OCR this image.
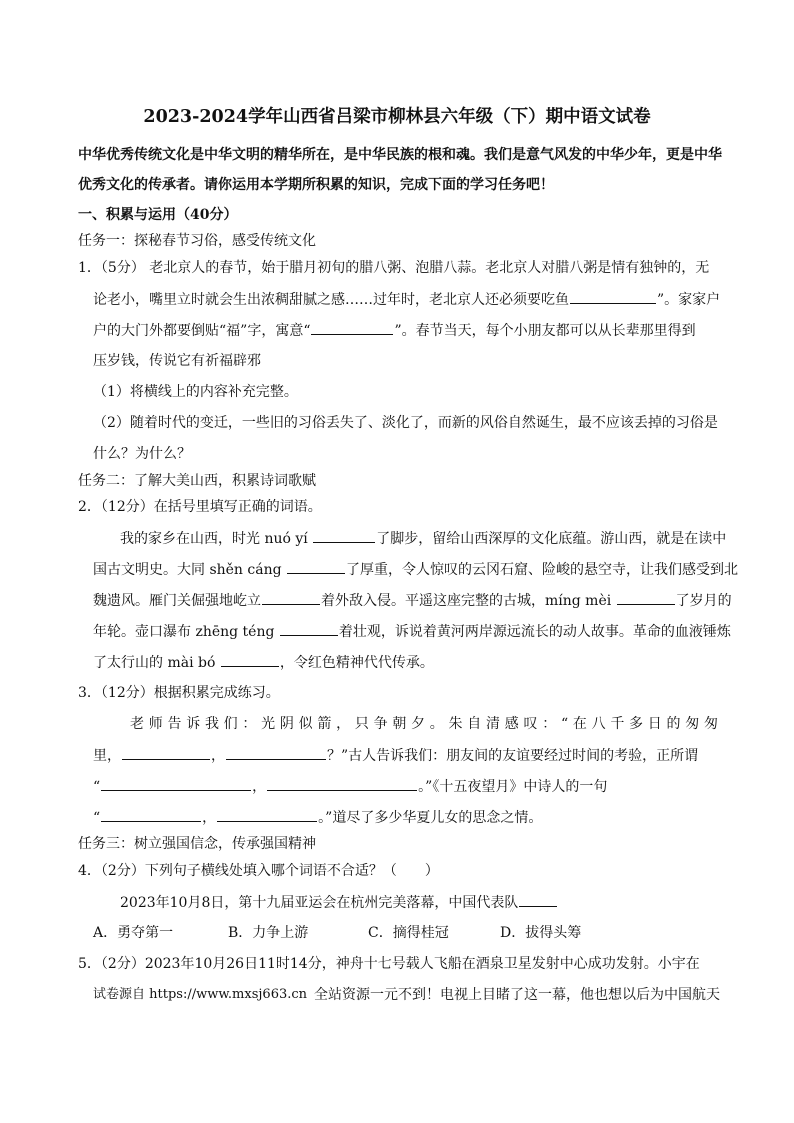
2023-2024学年山西省吕梁市柳林县六年级（下）期中语文试卷
中华优秀传统文化是中华文明的精华所在，是中华民族的根和魂。我们是意气风发的中华少年，更是中华
优秀文化的传承者。请你运用本学期所积累的知识，完成下面的学习任务吧！
一、积累与运用（40分）
任务一：探秘春节习俗，感受传统文化
1．（5分） 老北京人的春节，始于腊月初旬的腊八粥、泡腊八蒜。老北京人对腊八粥是情有独钟的，无
论老小，嘴里立时就会生出浓稠甜腻之感……过年时，老北京人还必须要吃鱼	”。家家户
户的大门外都要倒贴“福”字，寓意“	”。春节当天，每个小朋友都可以从长辈那里得到
压岁钱，传说它有祈福辟邪
（1）将横线上的内容补充完整。
（2）随着时代的变迁，一些旧的习俗丢失了、淡化了，而新的风俗自然诞生，最不应该丢掉的习俗是
什么？为什么？
任务二：了解大美山西，积累诗词歌赋
2．（12分）在括号里填写正确的词语。
我的家乡在山西，时光 nuó yí	了脚步，留给山西深厚的文化底蕴。游山西，就是在读中
国古文明史。大同 shěn cáng	了厚重，令人惊叹的云冈石窟、险峻的悬空寺，让我们感受到北
魏遗风。雁门关倔强地屹立	着外敌入侵。平遥这座完整的古城，míng mèi	了岁月的
年轮。壶口瀑布 zhēng téng	着壮观，诉说着黄河两岸源远流长的动人故事。革命的血液锤炼
了太行山的 mài bó	，令红色精神代代传承。
3．（12分）根据积累完成练习。
老师告诉我们：光阴似箭，只争朝夕。朱自清感叹：“在八千多日的匆匆
里，	，	？”古人告诉我们：朋友间的友谊要经过时间的考验，正所谓
“	，	。”《十五夜望月》中诗人的一句
“	，	。”道尽了多少华夏儿女的思念之情。
任务三：树立强国信念，传承强国精神
4．（2分）下列句子横线处填入哪个词语不合适？（　　）
2023年10月8日，第十九届亚运会在杭州完美落幕，中国代表队
A．勇夺第一	B．力争上游	C．摘得桂冠	D．拔得头筹
5．（2分）2023年10月26日11时14分，神舟十七号载人飞船在酒泉卫星发射中心成功发射。小宇在
试卷源自 https://www.mxsj663.cn 全站资源一元不到！电视上目睹了这一幕，他也想以后为中国航天
